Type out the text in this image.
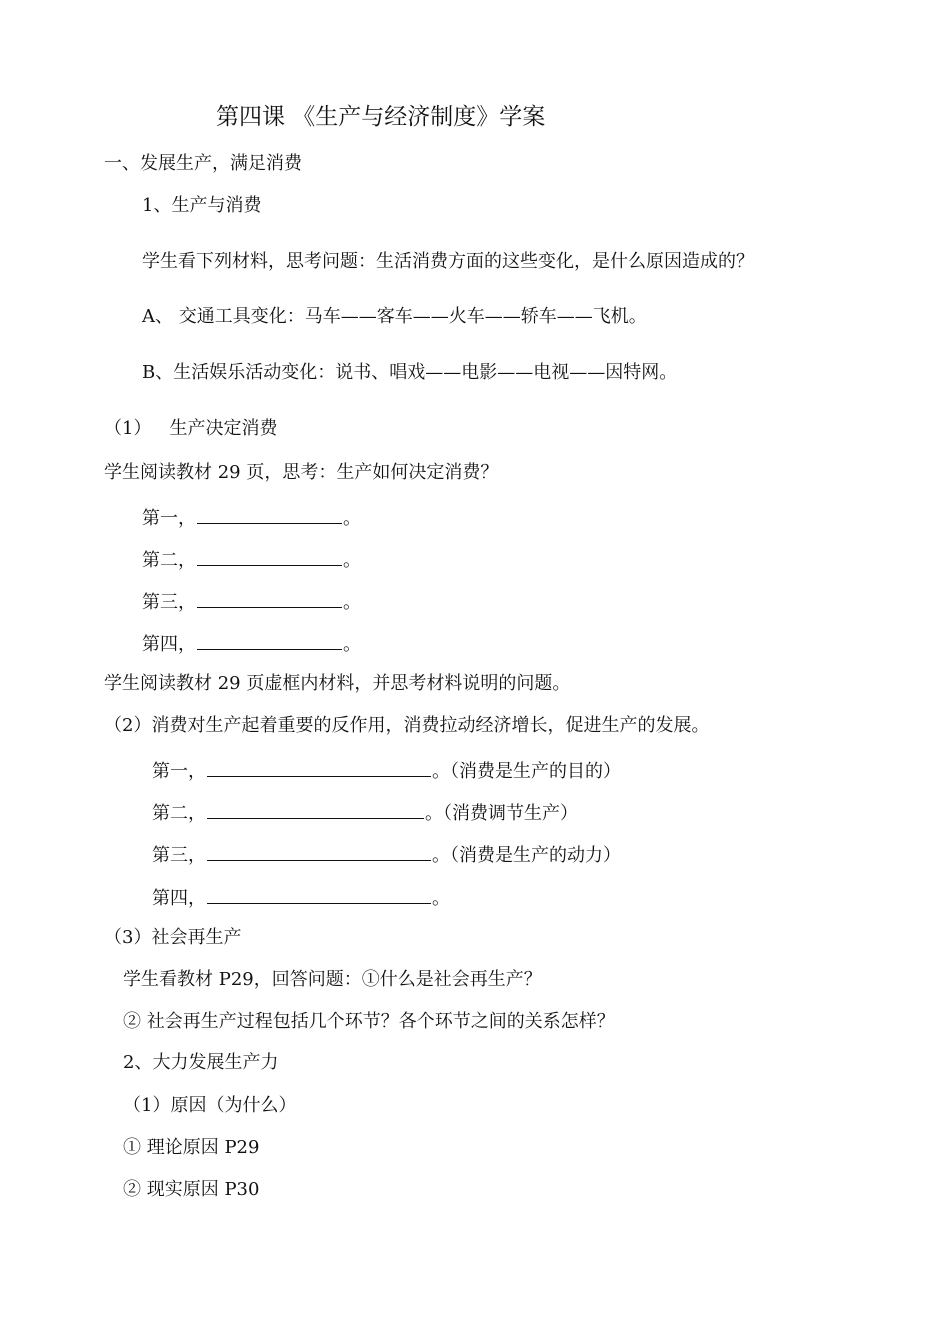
第四课 《生产与经济制度》学案
一、发展生产，满足消费
1、生产与消费
学生看下列材料，思考问题：生活消费方面的这些变化，是什么原因造成的？
A、 交通工具变化：马车——客车——火车——轿车——飞机。
B、生活娱乐活动变化：说书、唱戏——电影——电视——因特网。
（1） 生产决定消费
学生阅读教材 29 页，思考：生产如何决定消费？
第一，	。
第二，	。
第三，	。
第四，	。
学生阅读教材 29 页虚框内材料，并思考材料说明的问题。
（2）消费对生产起着重要的反作用，消费拉动经济增长，促进生产的发展。
第一，	。（消费是生产的目的）
第二，	。（消费调节生产）
第三，	。（消费是生产的动力）
第四，	。
（3）社会再生产
学生看教材 P29，回答问题：①什么是社会再生产？
② 社会再生产过程包括几个环节？各个环节之间的关系怎样？
2、大力发展生产力
（1）原因（为什么）
① 理论原因 P29
② 现实原因 P30
